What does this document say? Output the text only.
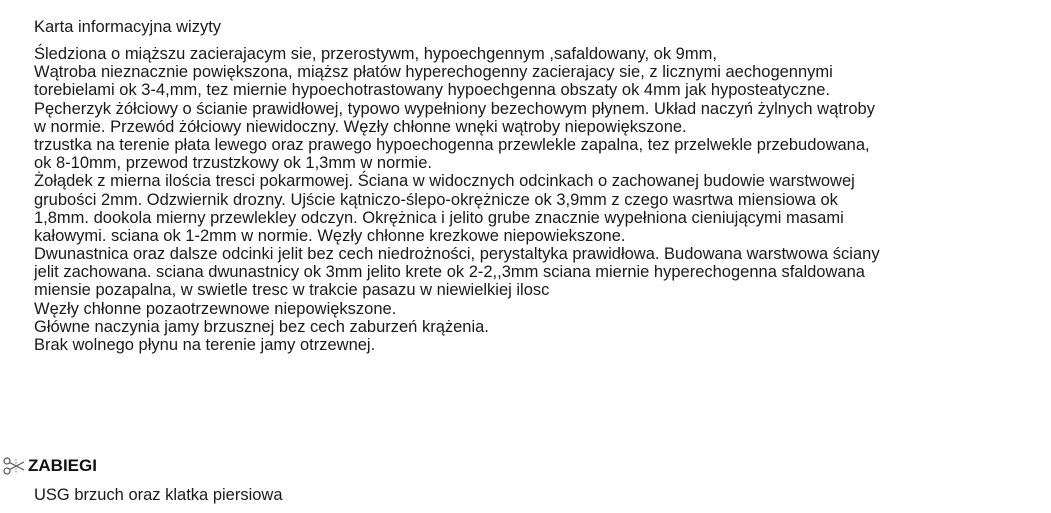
Karta informacyjna wizyty
Śledziona o miąższu zacierajacym sie, przerostywm, hypoechgennym ,safaldowany, ok 9mm,
Wątroba nieznacznie powiększona, miąższ płatów hyperechogenny zacierajacy sie, z licznymi aechogennymi
torebielami ok 3-4,mm, tez miernie hypoechotrastowany hypoechgenna obszaty ok 4mm jak hyposteatyczne.
Pęcherzyk żółciowy o ścianie prawidłowej, typowo wypełniony bezechowym płynem. Układ naczyń żylnych wątroby
w normie. Przewód żółciowy niewidoczny. Węzły chłonne wnęki wątroby niepowiększone.
trzustka na terenie płata lewego oraz prawego hypoechogenna przewlekle zapalna, tez przelwekle przebudowana,
ok 8-10mm, przewod trzustzkowy ok 1,3mm w normie.
Żołądek z mierna ilościa tresci pokarmowej. Ściana w widocznych odcinkach o zachowanej budowie warstwowej
grubości 2mm. Odzwiernik drozny. Ujście kątniczo-ślepo-okrężnicze ok 3,9mm z czego wasrtwa miensiowa ok
1,8mm. dookola mierny przewlekley odczyn. Okrężnica i jelito grube znacznie wypełniona cieniującymi masami
kałowymi. sciana ok 1-2mm w normie. Węzły chłonne krezkowe niepowiekszone.
Dwunastnica oraz dalsze odcinki jelit bez cech niedrożności, perystaltyka prawidłowa. Budowana warstwowa ściany
jelit zachowana. sciana dwunastnicy ok 3mm jelito krete ok 2-2,,3mm sciana miernie hyperechogenna sfaldowana
miensie pozapalna, w swietle tresc w trakcie pasazu w niewielkiej ilosc
Węzły chłonne pozaotrzewnowe niepowiększone.
Główne naczynia jamy brzusznej bez cech zaburzeń krążenia.
Brak wolnego płynu na terenie jamy otrzewnej.
ZABIEGI
USG brzuch oraz klatka piersiowa
